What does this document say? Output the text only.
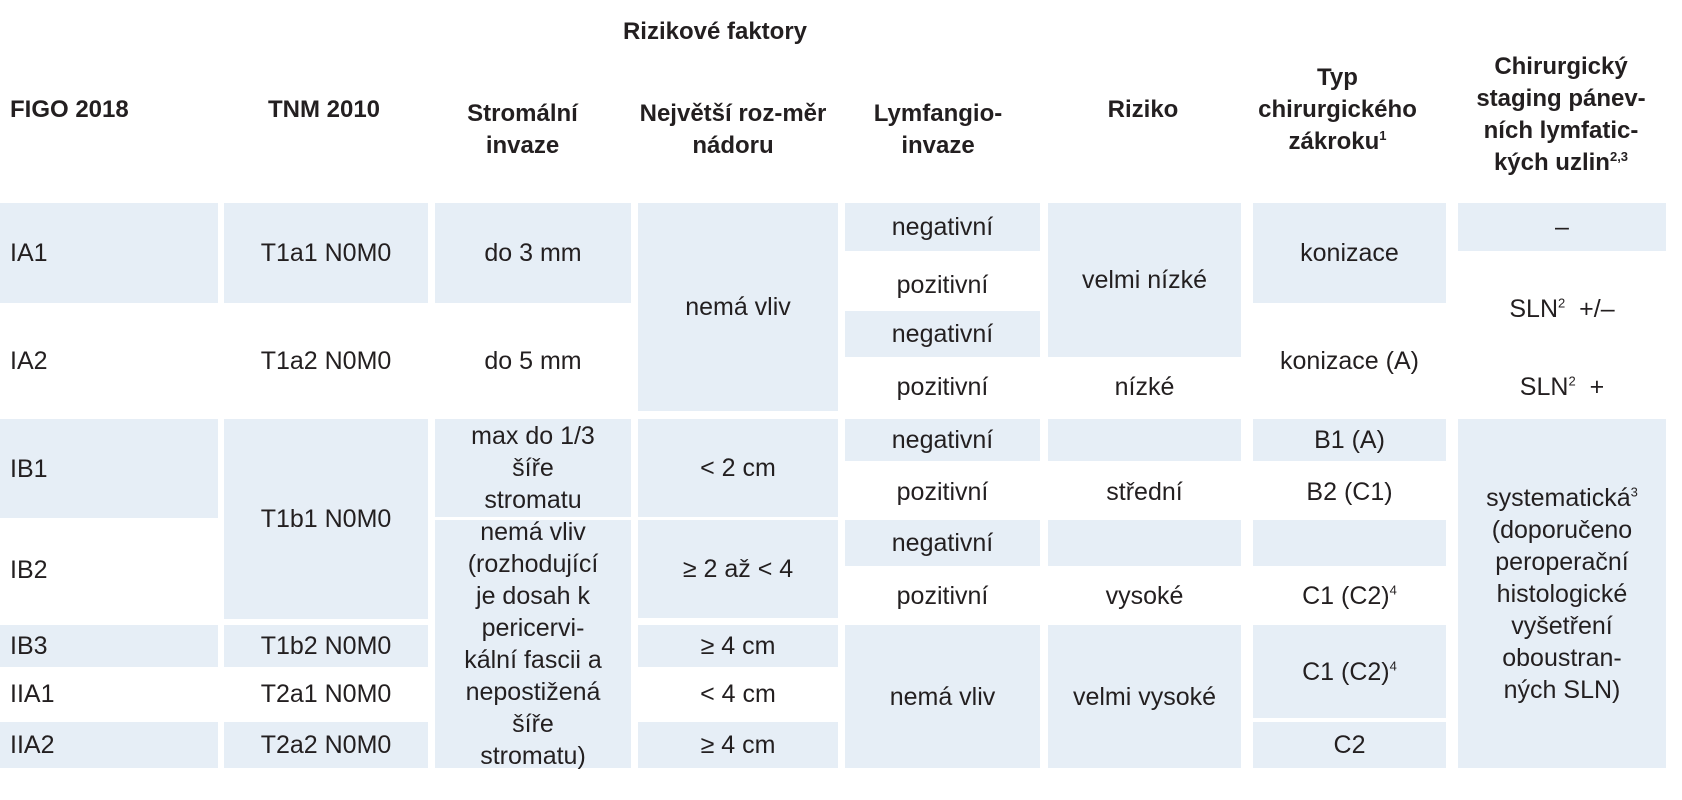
Rizikové faktory
FIGO 2018	TNM 2010	Stromální invaze
Největší roz-měr nádoru
Lymfangio-invaze
Riziko
Typ chirurgického zákroku$^1$
Chirurgický staging pánev-ních lymfatic-kých uzlin$^{2,3}$
IA1
IA2
IB1
IB2
IB3
IIA1
IIA2
T1a1 N0M0
T1a2 N0M0
T1b1 N0M0
T1b2 N0M0
T2a1 N0M0
T2a2 N0M0
do 3 mm
do 5 mm
max do 1/3 šíře stromatu
nemá vliv (rozhodující je dosah k pericervi-kální fascii a nepostižená šíře stromatu)
nemá vliv
< 2 cm
≥ 2 až < 4
≥ 4 cm
< 4 cm
≥ 4 cm
negativní
pozitivní
negativní
pozitivní
negativní
pozitivní
negativní
pozitivní
nemá vliv
velmi nízké
nízké
střední
vysoké
velmi vysoké
konizace
konizace (A)
B1 (A)
B2 (C1)
C1 $(C2)^4$
C1 $(C2)^4$
C2
–
$SLN^2$ +/–
$SLN^2$ +
systematická$^3$ (doporučeno peroperační histologické vyšetření oboustran-ných SLN)
